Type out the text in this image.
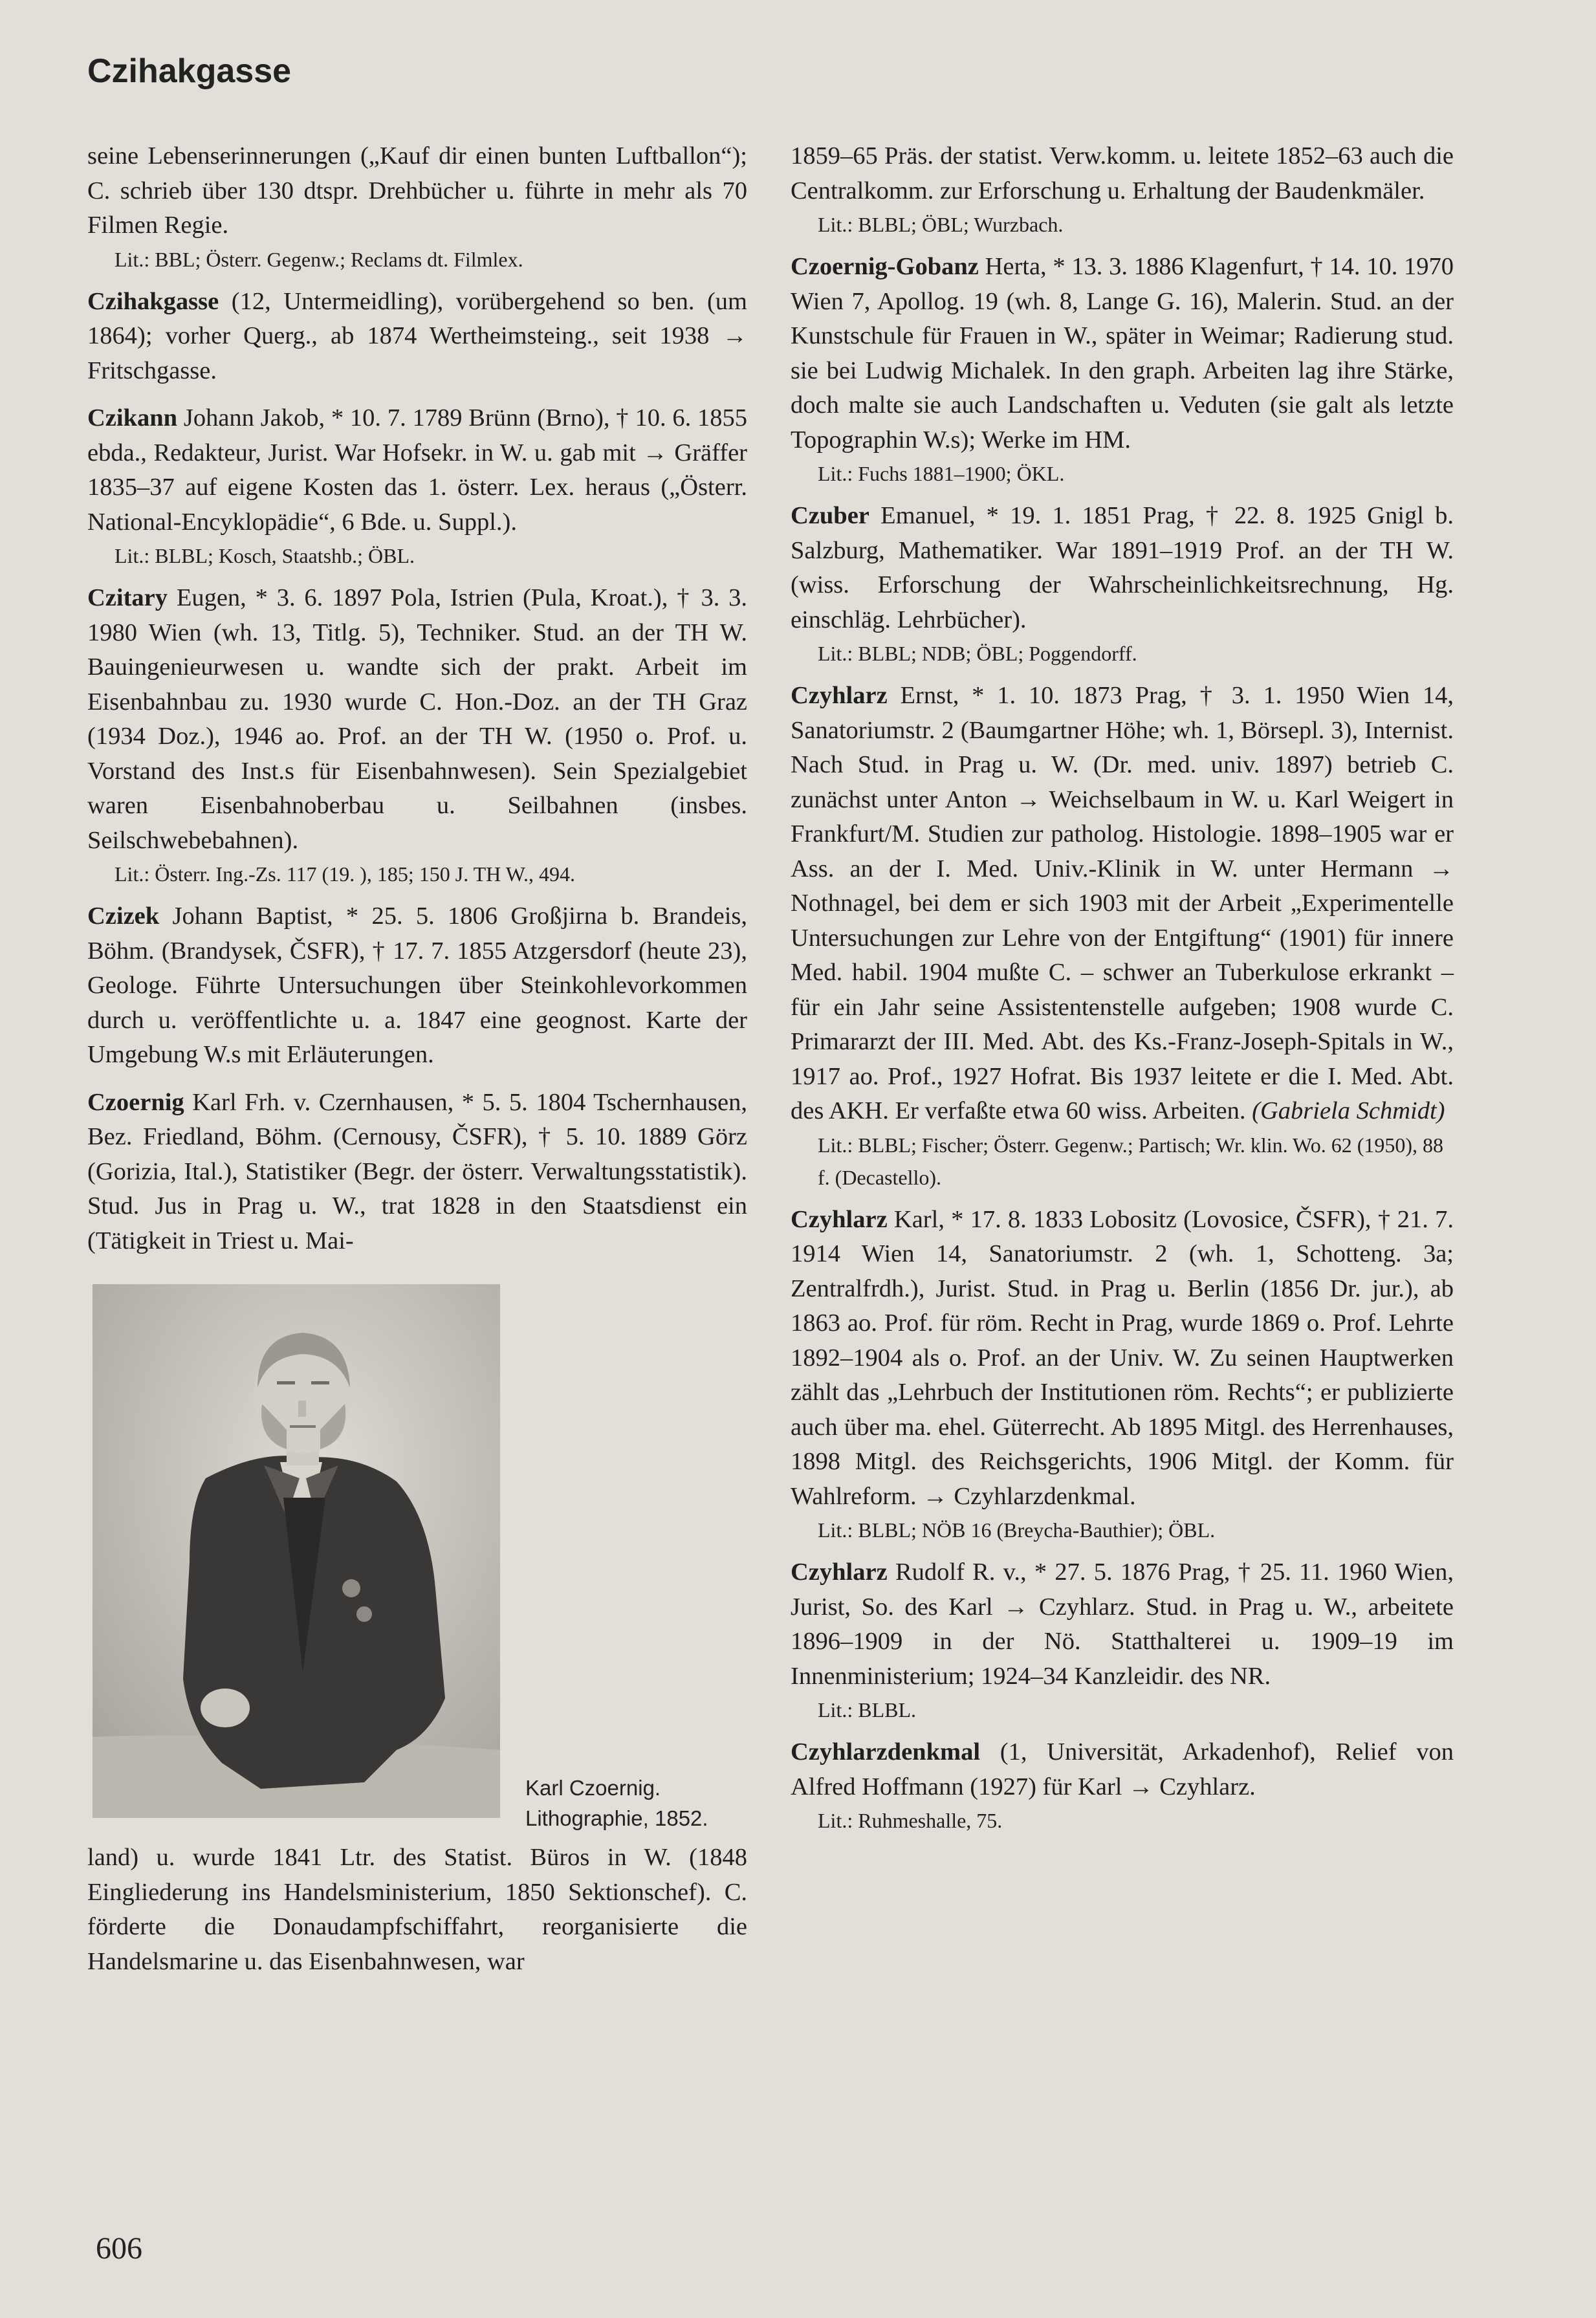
Czihakgasse

seine Lebenserinnerungen („Kauf dir einen bunten Luftballon“); C. schrieb über 130 dtspr. Drehbücher u. führte in mehr als 70 Filmen Regie.

Lit.: BBL; Österr. Gegenw.; Reclams dt. Filmlex.

Czihakgasse (12, Untermeidling), vorübergehend so ben. (um 1864); vorher Querg., ab 1874 Wertheimsteing., seit 1938 → Fritschgasse.

Czikann Johann Jakob, * 10. 7. 1789 Brünn (Brno), † 10. 6. 1855 ebda., Redakteur, Jurist. War Hofsekr. in W. u. gab mit → Gräffer 1835–37 auf eigene Kosten das 1. österr. Lex. heraus („Österr. National-Encyklopädie“, 6 Bde. u. Suppl.).

Lit.: BLBL; Kosch, Staatshb.; ÖBL.

Czitary Eugen, * 3. 6. 1897 Pola, Istrien (Pula, Kroat.), † 3. 3. 1980 Wien (wh. 13, Titlg. 5), Techniker. Stud. an der TH W. Bauingenieurwesen u. wandte sich der prakt. Arbeit im Eisenbahnbau zu. 1930 wurde C. Hon.-Doz. an der TH Graz (1934 Doz.), 1946 ao. Prof. an der TH W. (1950 o. Prof. u. Vorstand des Inst.s für Eisenbahnwesen). Sein Spezialgebiet waren Eisenbahnoberbau u. Seilbahnen (insbes. Seilschwebebahnen).

Lit.: Österr. Ing.-Zs. 117 (19. ), 185; 150 J. TH W., 494.

Czizek Johann Baptist, * 25. 5. 1806 Großjirna b. Brandeis, Böhm. (Brandysek, ČSFR), † 17. 7. 1855 Atzgersdorf (heute 23), Geologe. Führte Untersuchungen über Steinkohlevorkommen durch u. veröffentlichte u. a. 1847 eine geognost. Karte der Umgebung W.s mit Erläuterungen.

Czoernig Karl Frh. v. Czernhausen, * 5. 5. 1804 Tschernhausen, Bez. Friedland, Böhm. (Cernousy, ČSFR), † 5. 10. 1889 Görz (Gorizia, Ital.), Statistiker (Begr. der österr. Verwaltungsstatistik). Stud. Jus in Prag u. W., trat 1828 in den Staatsdienst ein (Tätigkeit in Triest u. Mai-

Karl Czoernig.
Lithographie, 1852.

land) u. wurde 1841 Ltr. des Statist. Büros in W. (1848 Eingliederung ins Handelsministerium, 1850 Sektionschef). C. förderte die Donaudampfschiffahrt, reorganisierte die Handelsmarine u. das Eisenbahnwesen, war

1859–65 Präs. der statist. Verw.komm. u. leitete 1852–63 auch die Centralkomm. zur Erforschung u. Erhaltung der Baudenkmäler.

Lit.: BLBL; ÖBL; Wurzbach.

Czoernig-Gobanz Herta, * 13. 3. 1886 Klagenfurt, † 14. 10. 1970 Wien 7, Apollog. 19 (wh. 8, Lange G. 16), Malerin. Stud. an der Kunstschule für Frauen in W., später in Weimar; Radierung stud. sie bei Ludwig Michalek. In den graph. Arbeiten lag ihre Stärke, doch malte sie auch Landschaften u. Veduten (sie galt als letzte Topographin W.s); Werke im HM.

Lit.: Fuchs 1881–1900; ÖKL.

Czuber Emanuel, * 19. 1. 1851 Prag, † 22. 8. 1925 Gnigl b. Salzburg, Mathematiker. War 1891–1919 Prof. an der TH W. (wiss. Erforschung der Wahrscheinlichkeitsrechnung, Hg. einschläg. Lehrbücher).

Lit.: BLBL; NDB; ÖBL; Poggendorff.

Czyhlarz Ernst, * 1. 10. 1873 Prag, † 3. 1. 1950 Wien 14, Sanatoriumstr. 2 (Baumgartner Höhe; wh. 1, Börsepl. 3), Internist. Nach Stud. in Prag u. W. (Dr. med. univ. 1897) betrieb C. zunächst unter Anton → Weichselbaum in W. u. Karl Weigert in Frankfurt/M. Studien zur patholog. Histologie. 1898–1905 war er Ass. an der I. Med. Univ.-Klinik in W. unter Hermann → Nothnagel, bei dem er sich 1903 mit der Arbeit „Experimentelle Untersuchungen zur Lehre von der Entgiftung“ (1901) für innere Med. habil. 1904 mußte C. – schwer an Tuberkulose erkrankt – für ein Jahr seine Assistentenstelle aufgeben; 1908 wurde C. Primararzt der III. Med. Abt. des Ks.-Franz-Joseph-Spitals in W., 1917 ao. Prof., 1927 Hofrat. Bis 1937 leitete er die I. Med. Abt. des AKH. Er verfaßte etwa 60 wiss. Arbeiten. (Gabriela Schmidt)

Lit.: BLBL; Fischer; Österr. Gegenw.; Partisch; Wr. klin. Wo. 62 (1950), 88 f. (Decastello).

Czyhlarz Karl, * 17. 8. 1833 Lobositz (Lovosice, ČSFR), † 21. 7. 1914 Wien 14, Sanatoriumstr. 2 (wh. 1, Schotteng. 3a; Zentralfrdh.), Jurist. Stud. in Prag u. Berlin (1856 Dr. jur.), ab 1863 ao. Prof. für röm. Recht in Prag, wurde 1869 o. Prof. Lehrte 1892–1904 als o. Prof. an der Univ. W. Zu seinen Hauptwerken zählt das „Lehrbuch der Institutionen röm. Rechts“; er publizierte auch über ma. ehel. Güterrecht. Ab 1895 Mitgl. des Herrenhauses, 1898 Mitgl. des Reichsgerichts, 1906 Mitgl. der Komm. für Wahlreform. → Czyhlarzdenkmal.

Lit.: BLBL; NÖB 16 (Breycha-Bauthier); ÖBL.

Czyhlarz Rudolf R. v., * 27. 5. 1876 Prag, † 25. 11. 1960 Wien, Jurist, So. des Karl → Czyhlarz. Stud. in Prag u. W., arbeitete 1896–1909 in der Nö. Statthalterei u. 1909–19 im Innenministerium; 1924–34 Kanzleidir. des NR.

Lit.: BLBL.

Czyhlarzdenkmal (1, Universität, Arkadenhof), Relief von Alfred Hoffmann (1927) für Karl → Czyhlarz.

Lit.: Ruhmeshalle, 75.

606
